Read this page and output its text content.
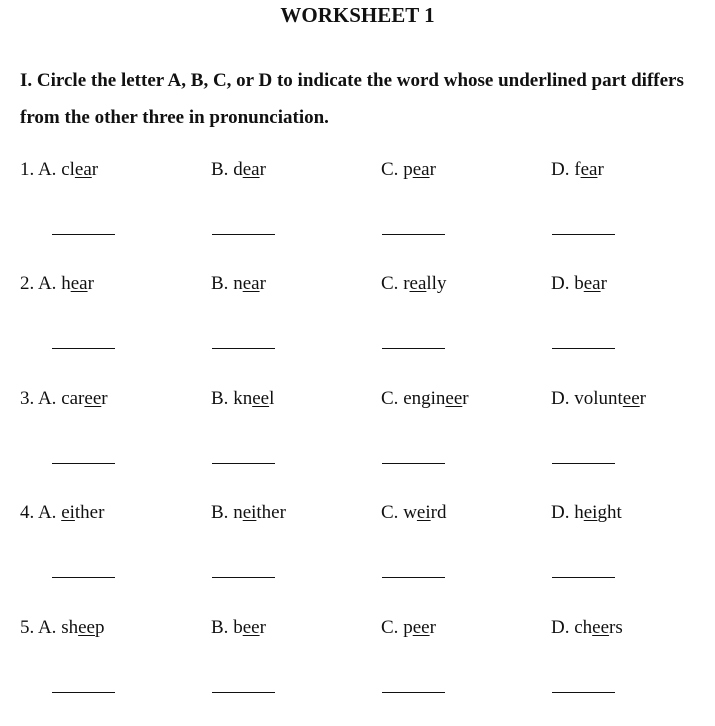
WORKSHEET 1
I. Circle the letter A, B, C, or D to indicate the word whose underlined part differs from the other three in pronunciation.
1. A. clear	B. dear	C. pear	D. fear
2. A. hear	B. near	C. really	D. bear
3. A. career	B. kneel	C. engineer	D. volunteer
4. A. either	B. neither	C. weird	D. height
5. A. sheep	B. beer	C. peer	D. cheers
